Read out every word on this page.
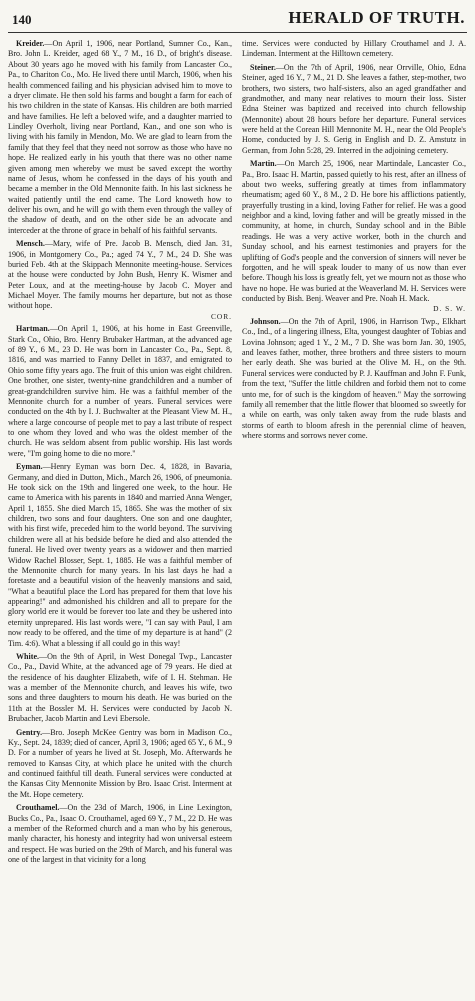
140	HERALD OF TRUTH.

Kreider.—On April 1, 1906, near Portland, Sumner Co., Kan., Bro. John L. Kreider, aged 68 Y., 7 M., 16 D., of bright's disease. About 30 years ago he moved with his family from Lancaster Co., Pa., to Chariton Co., Mo. He lived there until March, 1906, when his health commenced failing and his physician advised him to move to a dryer climate. He then sold his farms and bought a farm for each of his two children in the state of Kansas. His children are both married and have families. He left a beloved wife, and a daughter married to Lindley Overholt, living near Portland, Kan., and one son who is living with his family in Mendon, Mo. We are glad to learn from the family that they feel that they need not sorrow as those who have no hope. He realized early in his youth that there was no other name given among men whereby we must be saved except the worthy name of Jesus, whom he confessed in the days of his youth and became a member in the Old Mennonite faith. In his last sickness he waited patiently until the end came. The Lord knoweth how to deliver his own, and he will go with them even through the valley of the shadow of death, and on the other side be an advocate and interceder at the throne of grace in behalf of his faithful servants.

Mensch.—Mary, wife of Pre. Jacob B. Mensch, died Jan. 31, 1906, in Montgomery Co., Pa.; aged 74 Y., 7 M., 24 D. She was buried Feb. 4th at the Skippach Mennonite meeting-house. Services at the house were conducted by John Bush, Henry K. Wismer and Peter Loux, and at the meeting-house by Jacob C. Moyer and Michael Moyer. The family mourns her departure, but not as those without hope.
COR.

Hartman.—On April 1, 1906, at his home in East Greenville, Stark Co., Ohio, Bro. Henry Brubaker Hartman, at the advanced age of 89 Y., 6 M., 23 D. He was born in Lancaster Co., Pa., Sept. 8, 1816, and was married to Fanny Dellet in 1837, and emigrated to Ohio some fifty years ago. The fruit of this union was eight children. One brother, one sister, twenty-nine grandchildren and a number of great-grandchildren survive him. He was a faithful member of the Mennonite church for a number of years. Funeral services were conducted on the 4th by I. J. Buchwalter at the Pleasant View M. H., where a large concourse of people met to pay a last tribute of respect to one whom they loved and who was the oldest member of the church. He was seldom absent from public worship. His last words were, "I'm going home to die no more."

Eyman.—Henry Eyman was born Dec. 4, 1828, in Bavaria, Germany, and died in Dutton, Mich., March 26, 1906, of pneumonia. He took sick on the 19th and lingered one week, to the hour. He came to America with his parents in 1840 and married Anna Wenger, April 1, 1855. She died March 15, 1865. She was the mother of six children, two sons and four daughters. One son and one daughter, with his first wife, preceded him to the world beyond. The surviving children were all at his bedside before he died and also attended the funeral. He lived over twenty years as a widower and then married Widow Rachel Blosser, Sept. 1, 1885. He was a faithful member of the Mennonite church for many years. In his last days he had a foretaste and a beautiful vision of the heavenly mansions and said, "What a beautiful place the Lord has prepared for them that love his appearing!" and admonished his children and all to prepare for the glory world ere it would be forever too late and they be ushered into eternity unprepared. His last words were, "I can say with Paul, I am now ready to be offered, and the time of my departure is at hand" (2 Tim. 4:6). What a blessing if all could go in this way!

White.—On the 9th of April, in West Donegal Twp., Lancaster Co., Pa., David White, at the advanced age of 79 years. He died at the residence of his daughter Elizabeth, wife of I. H. Stehman. He was a member of the Mennonite church, and leaves his wife, two sons and three daughters to mourn his death. He was buried on the 11th at the Bossler M. H. Services were conducted by Jacob N. Brubacher, Jacob Martin and Levi Ebersole.

Gentry.—Bro. Joseph McKee Gentry was born in Madison Co., Ky., Sept. 24, 1839; died of cancer, April 3, 1906; aged 65 Y., 6 M., 9 D. For a number of years he lived at St. Joseph, Mo. Afterwards he removed to Kansas City, at which place he united with the church and continued faithful till death. Funeral services were conducted at the Kansas City Mennonite Mission by Bro. Isaac Crist. Interment at the Mt. Hope cemetery.

Crouthamel.—On the 23d of March, 1906, in Line Lexington, Bucks Co., Pa., Isaac O. Crouthamel, aged 69 Y., 7 M., 22 D. He was a member of the Reformed church and a man who by his generous, manly character, his honesty and integrity had won universal esteem and respect. He was buried on the 29th of March, and his funeral was one of the largest in that vicinity for a long

time. Services were conducted by Hillary Crouthamel and J. A. Lindeman. Interment at the Hilltown cemetery.

Steiner.—On the 7th of April, 1906, near Orrville, Ohio, Edna Steiner, aged 16 Y., 7 M., 21 D. She leaves a father, step-mother, two brothers, two sisters, two half-sisters, also an aged grandfather and grandmother, and many near relatives to mourn their loss. Sister Edna Steiner was baptized and received into church fellowship (Mennonite) about 28 hours before her departure. Funeral services were held at the Corean Hill Mennonite M. H., near the Old People's Home, conducted by J. S. Gerig in English and D. Z. Amstutz in German, from John 5:28, 29. Interred in the adjoining cemetery.

Martin.—On March 25, 1906, near Martindale, Lancaster Co., Pa., Bro. Isaac H. Martin, passed quietly to his rest, after an illness of about two weeks, suffering greatly at times from inflammatory rheumatism; aged 60 Y., 8 M., 2 D. He bore his afflictions patiently, prayerfully trusting in a kind, loving Father for relief. He was a good neighbor and a kind, loving father and will be greatly missed in the community, at home, in church, Sunday school and in the Bible readings. He was a very active worker, both in the church and Sunday school, and his earnest testimonies and prayers for the uplifting of God's people and the conversion of sinners will never be forgotten, and he will speak louder to many of us now than ever before. Though his loss is greatly felt, yet we mourn not as those who have no hope. He was buried at the Weaverland M. H. Services were conducted by Bish. Benj. Weaver and Pre. Noah H. Mack.
D. S. W.

Johnson.—On the 7th of April, 1906, in Harrison Twp., Elkhart Co., Ind., of a lingering illness, Elta, youngest daughter of Tobias and Lovina Johnson; aged 1 Y., 2 M., 7 D. She was born Jan. 30, 1905, and leaves father, mother, three brothers and three sisters to mourn her early death. She was buried at the Olive M. H., on the 9th. Funeral services were conducted by P. J. Kauffman and John F. Funk, from the text, "Suffer the little children and forbid them not to come unto me, for of such is the kingdom of heaven." May the sorrowing family all remember that the little flower that bloomed so sweetly for a while on earth, was only taken away from the rude blasts and storms of earth to bloom afresh in the perennial clime of heaven, where storms and sorrows never come.
